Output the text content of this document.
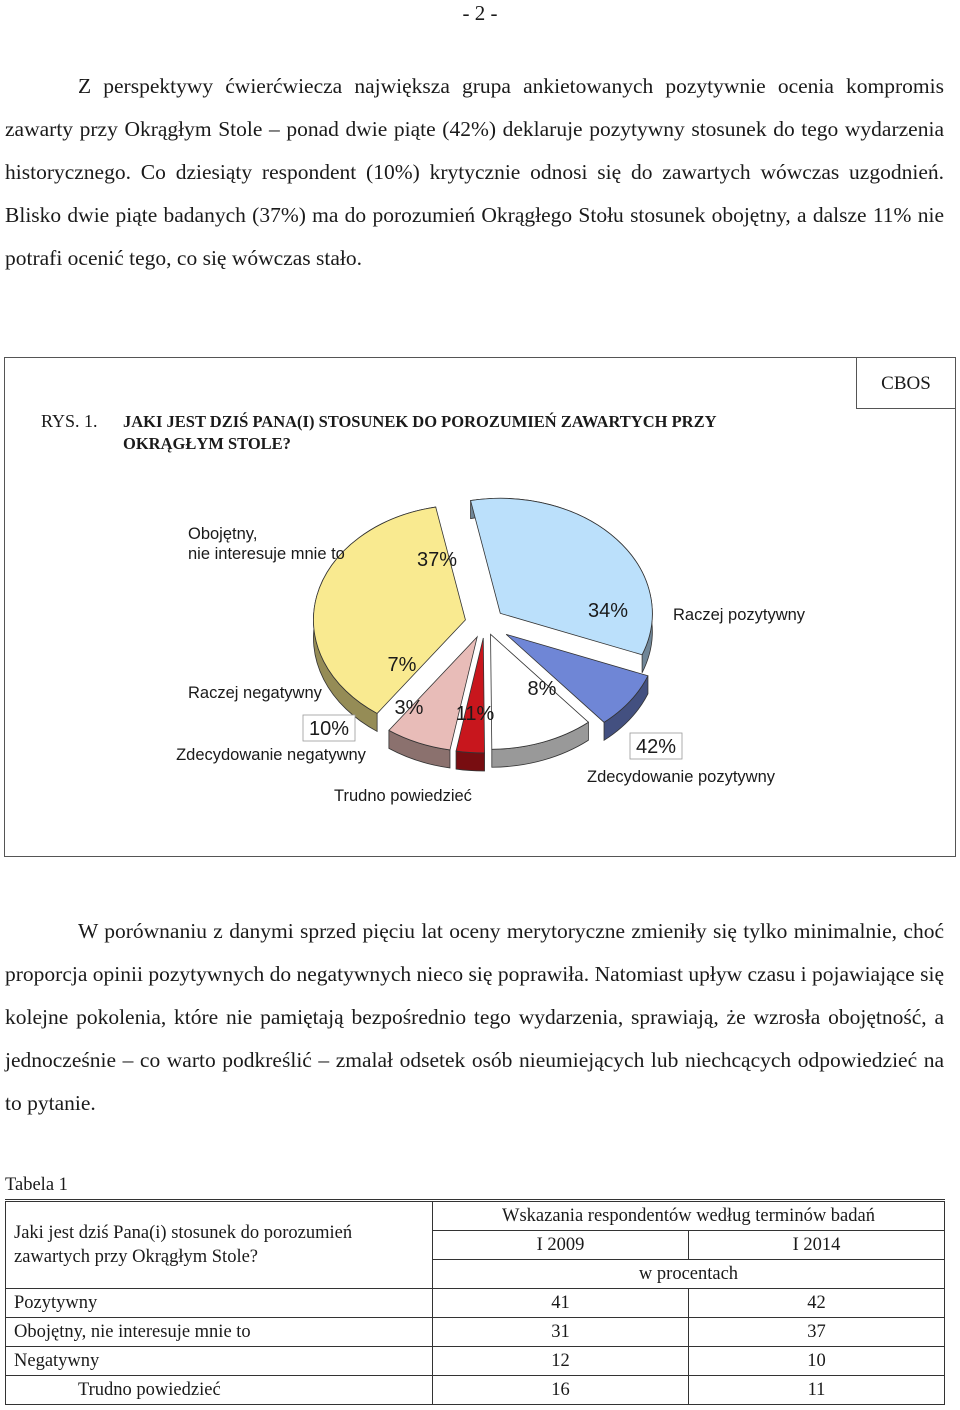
- 2 -

Z perspektywy ćwierćwiecza największa grupa ankietowanych pozytywnie ocenia kompromis zawarty przy Okrągłym Stole – ponad dwie piąte (42%) deklaruje pozytywny stosunek do tego wydarzenia historycznego. Co dziesiąty respondent (10%) krytycznie odnosi się do zawartych wówczas uzgodnień. Blisko dwie piąte badanych (37%) ma do porozumień Okrągłego Stołu stosunek obojętny, a dalsze 11% nie potrafi ocenić tego, co się wówczas stało.

CBOS
RYS. 1. JAKI JEST DZIŚ PANA(I) STOSUNEK DO POROZUMIEŃ ZAWARTYCH PRZY OKRĄGŁYM STOLE?
37%
Obojętny, nie interesuje mnie to
34%	Raczej pozytywny
8%
Zdecydowanie pozytywny
11%
Trudno powiedzieć
3%
Zdecydowanie negatywny
7%
Raczej negatywny
42%
10%

W porównaniu z danymi sprzed pięciu lat oceny merytoryczne zmieniły się tylko minimalnie, choć proporcja opinii pozytywnych do negatywnych nieco się poprawiła. Natomiast upływ czasu i pojawiające się kolejne pokolenia, które nie pamiętają bezpośrednio tego wydarzenia, sprawiają, że wzrosła obojętność, a jednocześnie – co warto podkreślić – zmalał odsetek osób nieumiejących lub niechcących odpowiedzieć na to pytanie.

Tabela 1
Jaki jest dziś Pana(i) stosunek do porozumień zawartych przy Okrągłym Stole?	Wskazania respondentów według terminów badań	
	I 2009	I 2014
	w procentach	
Pozytywny	41	42
Obojętny, nie interesuje mnie to	31	37
Negatywny	12	10
Trudno powiedzieć	16	11
